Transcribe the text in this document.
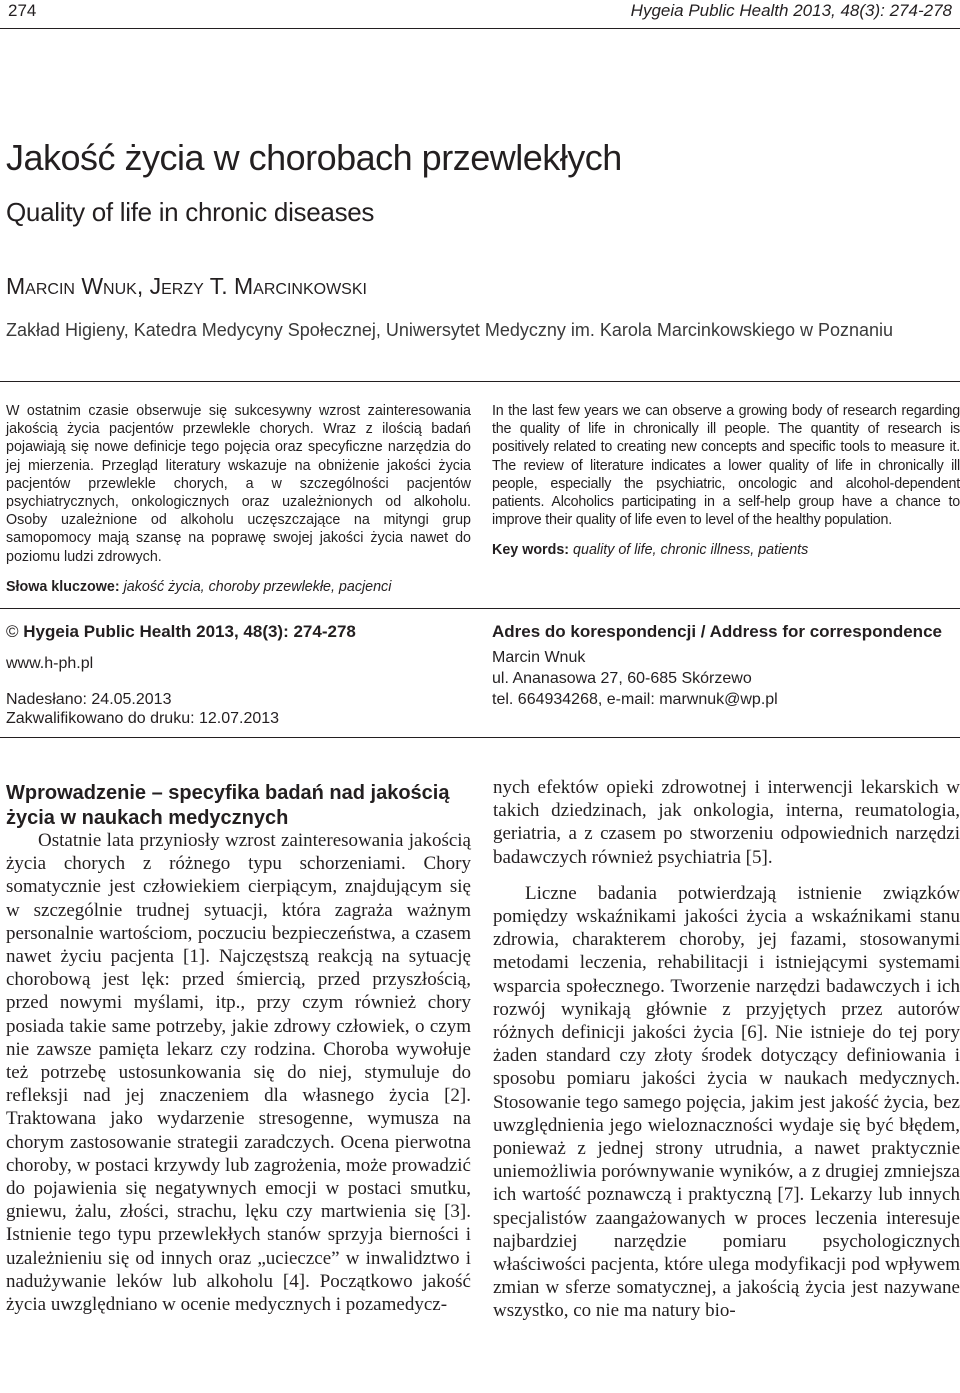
274	Hygeia Public Health 2013, 48(3): 274-278
Jakość życia w chorobach przewlekłych
Quality of life in chronic diseases
Marcin Wnuk, Jerzy T. Marcinkowski
Zakład Higieny, Katedra Medycyny Społecznej, Uniwersytet Medyczny im. Karola Marcinkowskiego w Poznaniu

W ostatnim czasie obserwuje się sukcesywny wzrost zainteresowania jakością życia pacjentów przewlekle chorych. Wraz z ilością badań pojawiają się nowe definicje tego pojęcia oraz specyficzne narzędzia do jej mierzenia. Przegląd literatury wskazuje na obniżenie jakości życia pacjentów przewlekle chorych, a w szczególności pacjentów psychiatrycznych, onkologicznych oraz uzależnionych od alkoholu. Osoby uzależnione od alkoholu uczęszczające na mityngi grup samopomocy mają szansę na poprawę swojej jakości życia nawet do poziomu ludzi zdrowych.

In the last few years we can observe a growing body of research regarding the quality of life in chronically ill people. The quantity of research is positively related to creating new concepts and specific tools to measure it. The review of literature indicates a lower quality of life in chronically ill people, especially the psychiatric, oncologic and alcohol-dependent patients. Alcoholics participating in a self-help group have a chance to improve their quality of life even to level of the healthy population.

Słowa kluczowe: jakość życia, choroby przewlekłe, pacjenci
Key words: quality of life, chronic illness, patients
© Hygeia Public Health 2013, 48(3): 274-278
www.h-ph.pl
Nadesłano: 24.05.2013
Zakwalifikowano do druku: 12.07.2013
Adres do korespondencji / Address for correspondence
Marcin Wnuk
ul. Ananasowa 27, 60-685 Skórzewo
tel. 664934268, e-mail: marwnuk@wp.pl
Wprowadzenie – specyfika badań nad jakością życia w naukach medycznych

Ostatnie lata przyniosły wzrost zainteresowania jakością życia chorych z różnego typu schorzeniami. Chory somatycznie jest człowiekiem cierpiącym, znajdującym się w szczególnie trudnej sytuacji, która zagraża ważnym personalnie wartościom, poczuciu bezpieczeństwa, a czasem nawet życiu pacjenta [1]. Najczęstszą reakcją na sytuację chorobową jest lęk: przed śmiercią, przed przyszłością, przed nowymi myślami, itp., przy czym również chory posiada takie same potrzeby, jakie zdrowy człowiek, o czym nie zawsze pamięta lekarz czy rodzina. Choroba wywołuje też potrzebę ustosunkowania się do niej, stymuluje do refleksji nad jej znaczeniem dla własnego życia [2]. Traktowana jako wydarzenie stresogenne, wymusza na chorym zastosowanie strategii zaradczych. Ocena pierwotna choroby, w postaci krzywdy lub zagrożenia, może prowadzić do pojawienia się negatywnych emocji w postaci smutku, gniewu, żalu, złości, strachu, lęku czy martwienia się [3]. Istnienie tego typu przewlekłych stanów sprzyja bierności i uzależnieniu się od innych oraz „ucieczce” w inwalidztwo i nadużywanie leków lub alkoholu [4]. Początkowo jakość życia uwzględniano w ocenie medycznych i pozamedycz-

nych efektów opieki zdrowotnej i interwencji lekarskich w takich dziedzinach, jak onkologia, interna, reumatologia, geriatria, a z czasem po stworzeniu odpowiednich narzędzi badawczych również psychiatria [5].

Liczne badania potwierdzają istnienie związków pomiędzy wskaźnikami jakości życia a wskaźnikami stanu zdrowia, charakterem choroby, jej fazami, stosowanymi metodami leczenia, rehabilitacji i istniejącymi systemami wsparcia społecznego. Tworzenie narzędzi badawczych i ich rozwój wynikają głównie z przyjętych przez autorów różnych definicji jakości życia [6]. Nie istnieje do tej pory żaden standard czy złoty środek dotyczący definiowania i sposobu pomiaru jakości życia w naukach medycznych. Stosowanie tego samego pojęcia, jakim jest jakość życia, bez uwzględnienia jego wieloznaczności wydaje się być błędem, ponieważ z jednej strony utrudnia, a nawet praktycznie uniemożliwia porównywanie wyników, a z drugiej zmniejsza ich wartość poznawczą i praktyczną [7]. Lekarzy lub innych specjalistów zaangażowanych w proces leczenia interesuje najbardziej narzędzie pomiaru psychologicznych właściwości pacjenta, które ulega modyfikacji pod wpływem zmian w sferze somatycznej, a jakością życia jest nazywane wszystko, co nie ma natury bio-
